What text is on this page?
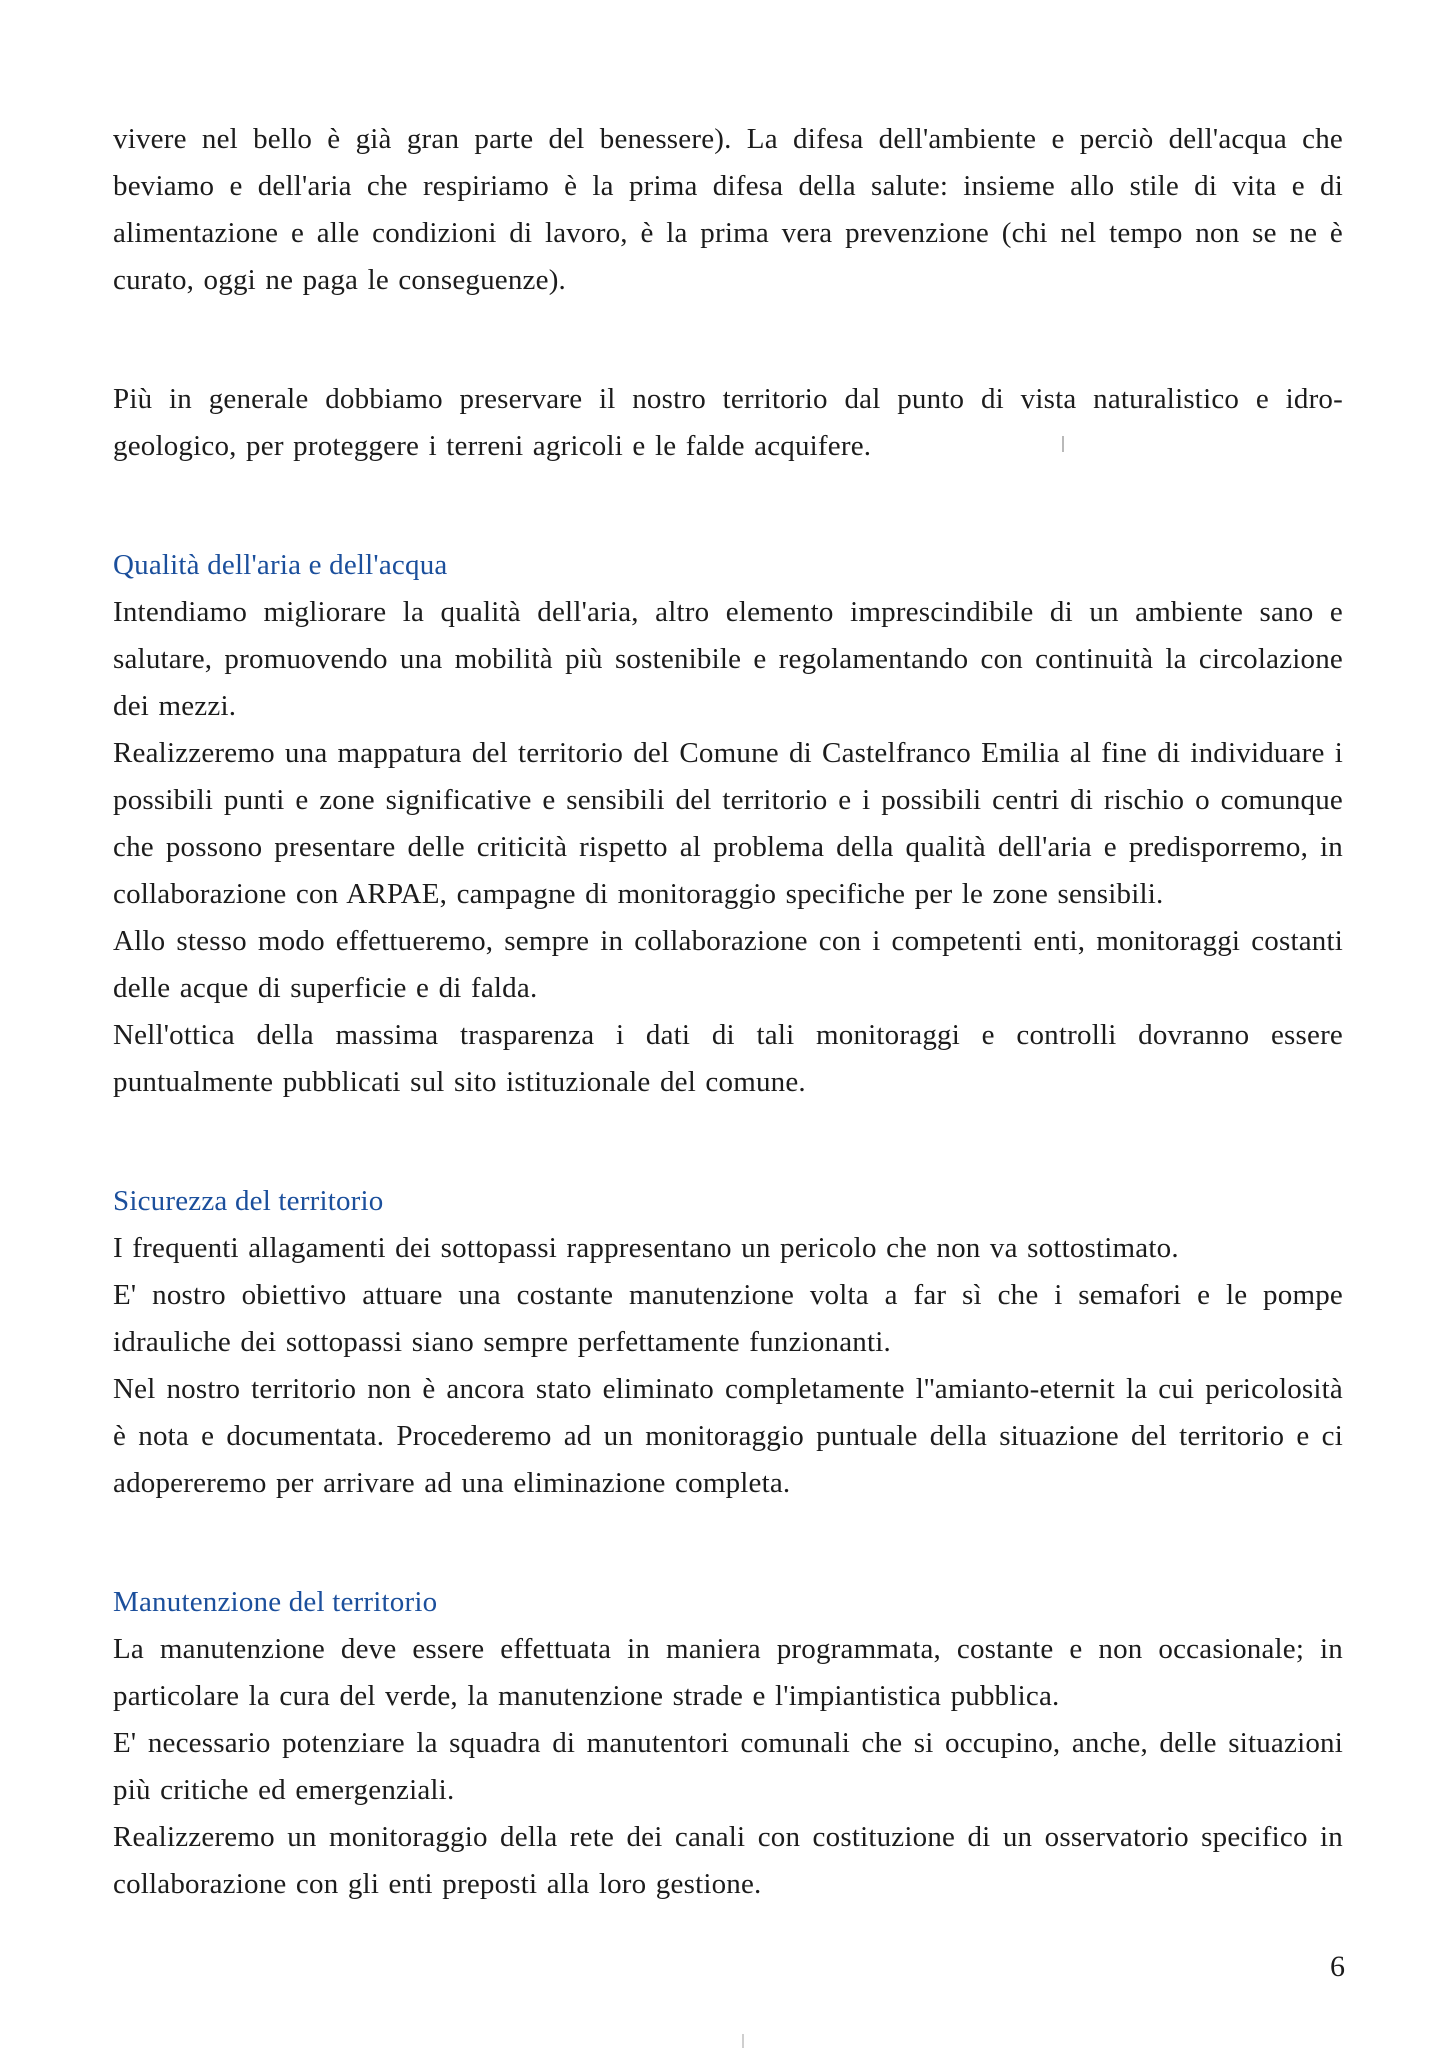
vivere nel bello è già gran parte del benessere). La difesa dell'ambiente e perciò dell'acqua che beviamo e dell'aria che respiriamo è la prima difesa della salute: insieme allo stile di vita e di alimentazione e alle condizioni di lavoro, è la prima vera prevenzione (chi nel tempo non se ne è curato, oggi ne paga le conseguenze).

Più in generale dobbiamo preservare il nostro territorio dal punto di vista naturalistico e idro-geologico, per proteggere i terreni agricoli e le falde acquifere.

Qualità dell'aria e dell'acqua

Intendiamo migliorare la qualità dell'aria, altro elemento imprescindibile di un ambiente sano e salutare, promuovendo una mobilità più sostenibile e regolamentando con continuità la circolazione dei mezzi.

Realizzeremo una mappatura del territorio del Comune di Castelfranco Emilia al fine di individuare i possibili punti e zone significative e sensibili del territorio e i possibili centri di rischio o comunque che possono presentare delle criticità rispetto al problema della qualità dell'aria e predisporremo, in collaborazione con ARPAE, campagne di monitoraggio specifiche per le zone sensibili.

Allo stesso modo effettueremo, sempre in collaborazione con i competenti enti, monitoraggi costanti delle acque di superficie e di falda.

Nell'ottica della massima trasparenza i dati di tali monitoraggi e controlli dovranno essere puntualmente pubblicati sul sito istituzionale del comune.

Sicurezza del territorio

I frequenti allagamenti dei sottopassi rappresentano un pericolo che non va sottostimato.

E' nostro obiettivo attuare una costante manutenzione volta a far sì che i semafori e le pompe idrauliche dei sottopassi siano sempre perfettamente funzionanti.

Nel nostro territorio non è ancora stato eliminato completamente l''amianto-eternit la cui pericolosità è nota e documentata. Procederemo ad un monitoraggio puntuale della situazione del territorio e ci adopereremo per arrivare ad una eliminazione completa.

Manutenzione del territorio

La manutenzione deve essere effettuata in maniera programmata, costante e non occasionale; in particolare la cura del verde, la manutenzione strade e l'impiantistica pubblica.

E' necessario potenziare la squadra di manutentori comunali che si occupino, anche, delle situazioni più critiche ed emergenziali.

Realizzeremo un monitoraggio della rete dei canali con costituzione di un osservatorio specifico in collaborazione con gli enti preposti alla loro gestione.

6
